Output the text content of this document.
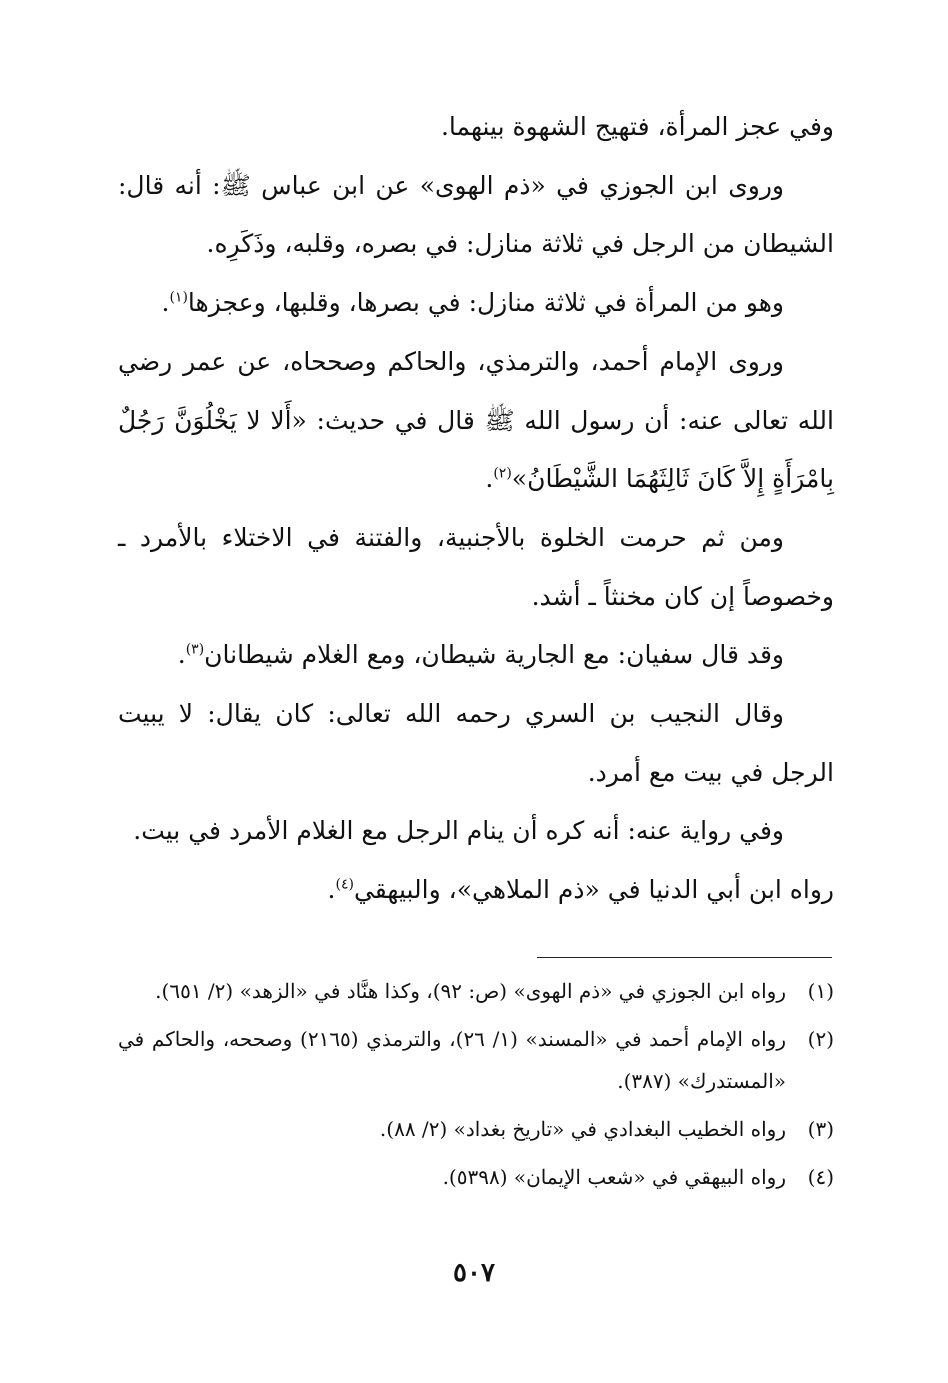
وفي عجز المرأة، فتهيج الشهوة بينهما.

وروى ابن الجوزي في «ذم الهوى» عن ابن عباس ﷺ: أنه قال: الشيطان من الرجل في ثلاثة منازل: في بصره، وقلبه، وذَكَرِه.

وهو من المرأة في ثلاثة منازل: في بصرها، وقلبها، وعجزها$^{(١)}$.

وروى الإمام أحمد، والترمذي، والحاكم وصححاه، عن عمر رضي الله تعالى عنه: أن رسول الله ﷺ قال في حديث: «أَلا لا يَخْلُوَنَّ رَجُلٌ بِامْرَأَةٍ إِلاَّ كَانَ ثَالِثَهُمَا الشَّيْطَانُ»$^{(٢)}$.

ومن ثم حرمت الخلوة بالأجنبية، والفتنة في الاختلاء بالأمرد ـ وخصوصاً إن كان مخنثاً ـ أشد.

وقد قال سفيان: مع الجارية شيطان، ومع الغلام شيطانان$^{(٣)}$.

وقال النجيب بن السري رحمه الله تعالى: كان يقال: لا يبيت الرجل في بيت مع أمرد.

وفي رواية عنه: أنه كره أن ينام الرجل مع الغلام الأمرد في بيت.

رواه ابن أبي الدنيا في «ذم الملاهي»، والبيهقي$^{(٤)}$.

(١)
رواه ابن الجوزي في «ذم الهوى» (ص: ٩٢)، وكذا هنَّاد في «الزهد» (٢/ ٦٥١).
(٢)
رواه الإمام أحمد في «المسند» (١/ ٢٦)، والترمذي (٢١٦٥) وصححه، والحاكم في «المستدرك» (٣٨٧).
(٣)
رواه الخطيب البغدادي في «تاريخ بغداد» (٢/ ٨٨).
(٤)
رواه البيهقي في «شعب الإيمان» (٥٣٩٨).
٥٠٧
